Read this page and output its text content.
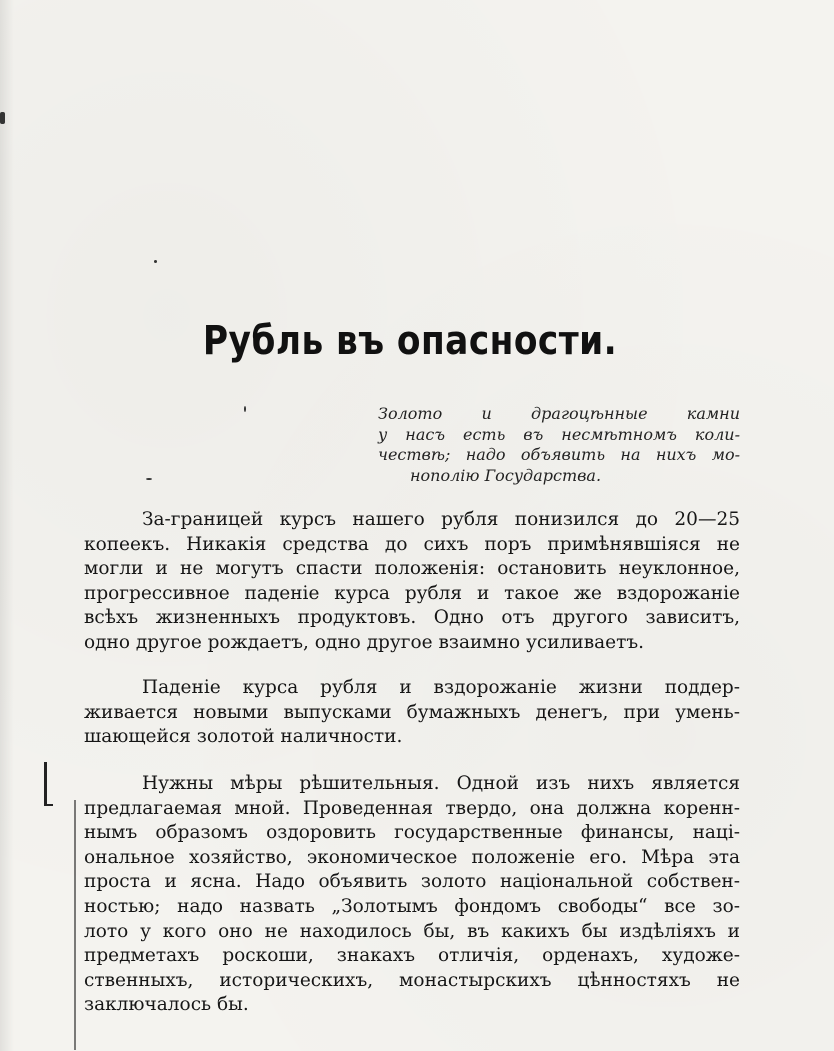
Рубль въ опасности.
Золото и драгоцѣнные камни
у насъ есть въ несмѣтномъ коли-
чествѣ; надо объявить на нихъ мо-
нополію Государства.
За-границей курсъ нашего рубля понизился до 20—25
копеекъ. Никакія средства до сихъ поръ примѣнявшіяся не
могли и не могутъ спасти положенія: остановить неуклонное,
прогрессивное паденіе курса рубля и такое же вздорожаніе
всѣхъ жизненныхъ продуктовъ. Одно отъ другого зависитъ,
одно другое рождаетъ, одно другое взаимно усиливаетъ.
Паденіе курса рубля и вздорожаніе жизни поддер-
живается новыми выпусками бумажныхъ денегъ, при умень-
шающейся золотой наличности.
Нужны мѣры рѣшительныя. Одной изъ нихъ является
предлагаемая мной. Проведенная твердо, она должна коренн-
нымъ образомъ оздоровить государственные финансы, наці-
ональное хозяйство, экономическое положеніе его. Мѣра эта
проста и ясна. Надо объявить золото національной собствен-
ностью; надо назвать „Золотымъ фондомъ свободы“ все зо-
лото у кого оно не находилось бы, въ какихъ бы издѣліяхъ и
предметахъ роскоши, знакахъ отличія, орденахъ, художе-
ственныхъ, историческихъ, монастырскихъ цѣнностяхъ не
заключалось бы.
